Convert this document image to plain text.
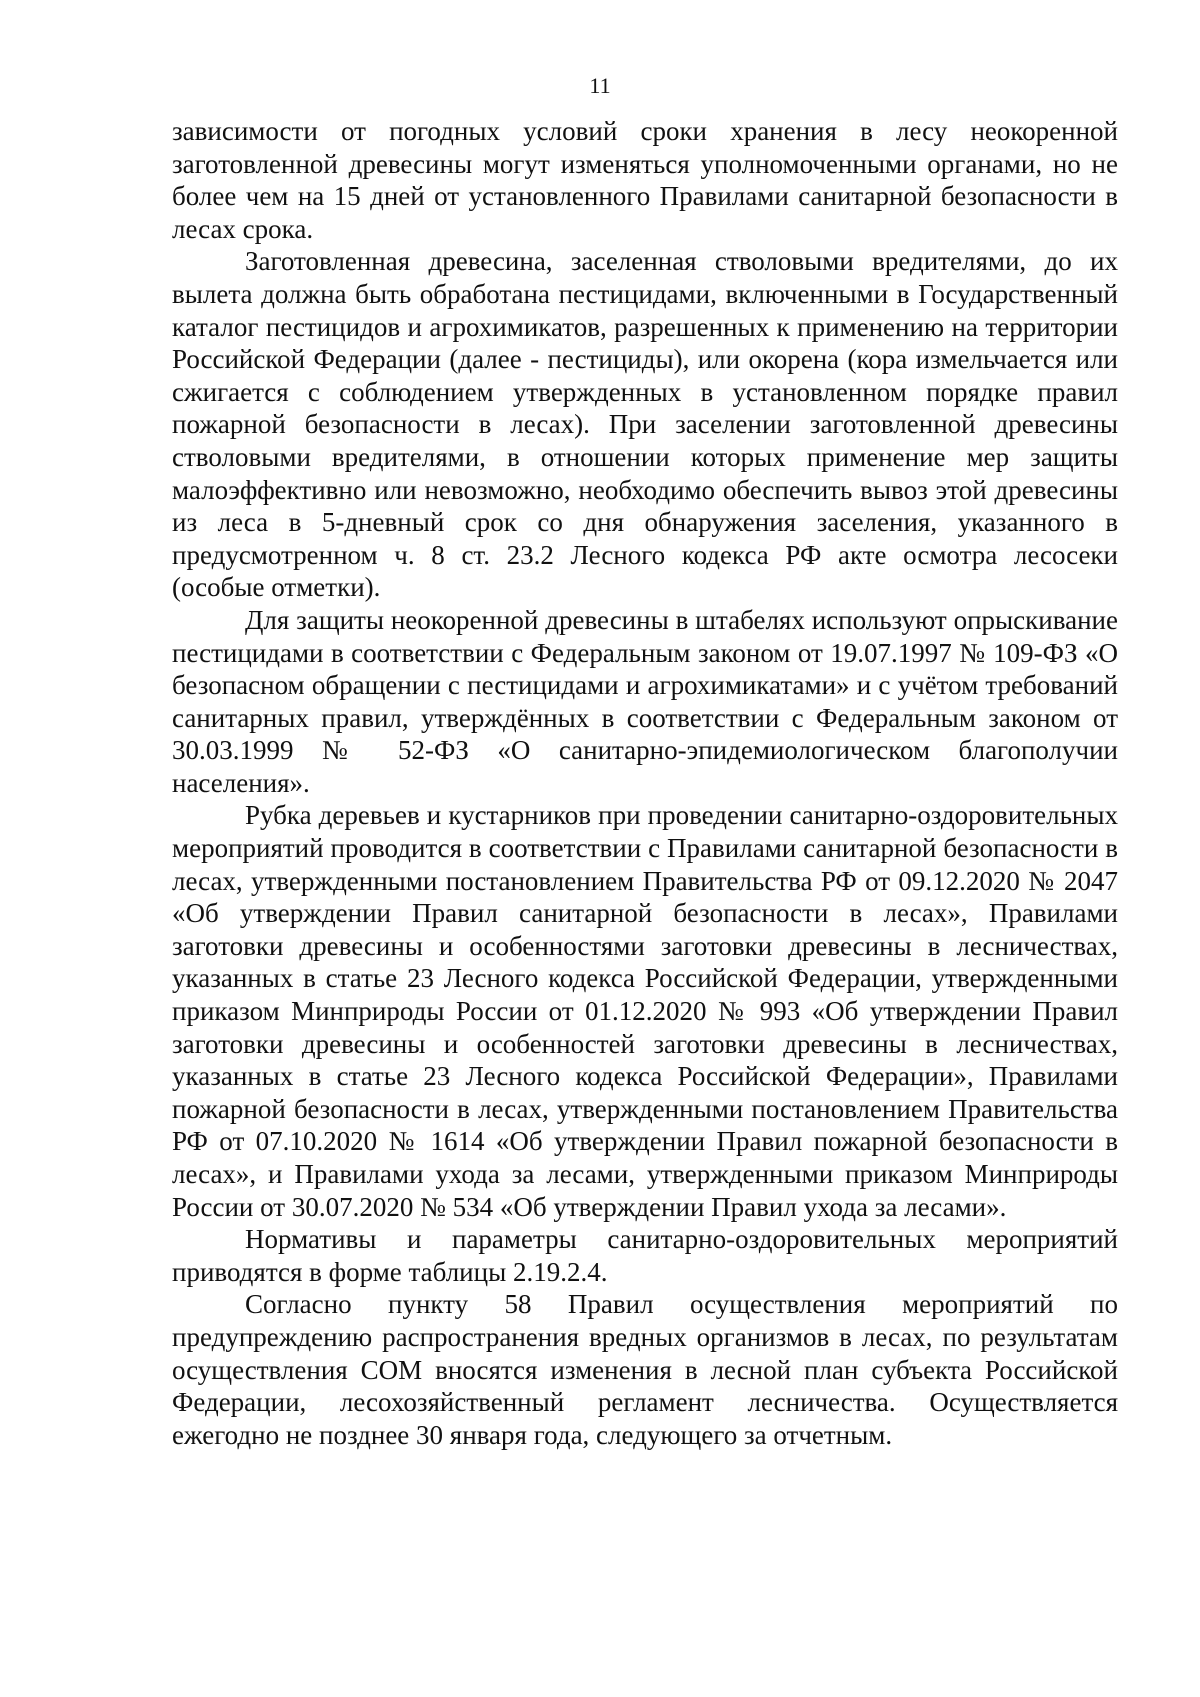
11

зависимости от погодных условий сроки хранения в лесу неокоренной заготовленной древесины могут изменяться уполномоченными органами, но не более чем на 15 дней от установленного Правилами санитарной безопасности в лесах срока.

Заготовленная древесина, заселенная стволовыми вредителями, до их вылета должна быть обработана пестицидами, включенными в Государственный каталог пестицидов и агрохимикатов, разрешенных к применению на территории Российской Федерации (далее - пестициды), или окорена (кора измельчается или сжигается с соблюдением утвержденных в установленном порядке правил пожарной безопасности в лесах). При заселении заготовленной древесины стволовыми вредителями, в отношении которых применение мер защиты малоэффективно или невозможно, необходимо обеспечить вывоз этой древесины из леса в 5-дневный срок со дня обнаружения заселения, указанного в предусмотренном ч. 8 ст. 23.2 Лесного кодекса РФ акте осмотра лесосеки (особые отметки).

Для защиты неокоренной древесины в штабелях используют опрыскивание пестицидами в соответствии с Федеральным законом от 19.07.1997 № 109-ФЗ «О безопасном обращении с пестицидами и агрохимикатами» и с учётом требований санитарных правил, утверждённых в соответствии с Федеральным законом от 30.03.1999 № 52-ФЗ «О санитарно-эпидемиологическом благополучии населения».

Рубка деревьев и кустарников при проведении санитарно-оздоровительных мероприятий проводится в соответствии с Правилами санитарной безопасности в лесах, утвержденными постановлением Правительства РФ от 09.12.2020 № 2047 «Об утверждении Правил санитарной безопасности в лесах», Правилами заготовки древесины и особенностями заготовки древесины в лесничествах, указанных в статье 23 Лесного кодекса Российской Федерации, утвержденными приказом Минприроды России от 01.12.2020 № 993 «Об утверждении Правил заготовки древесины и особенностей заготовки древесины в лесничествах, указанных в статье 23 Лесного кодекса Российской Федерации», Правилами пожарной безопасности в лесах, утвержденными постановлением Правительства РФ от 07.10.2020 № 1614 «Об утверждении Правил пожарной безопасности в лесах», и Правилами ухода за лесами, утвержденными приказом Минприроды России от 30.07.2020 № 534 «Об утверждении Правил ухода за лесами».

Нормативы и параметры санитарно-оздоровительных мероприятий приводятся в форме таблицы 2.19.2.4.

Согласно пункту 58 Правил осуществления мероприятий по предупреждению распространения вредных организмов в лесах, по результатам осуществления СОМ вносятся изменения в лесной план субъекта Российской Федерации, лесохозяйственный регламент лесничества. Осуществляется ежегодно не позднее 30 января года, следующего за отчетным.
